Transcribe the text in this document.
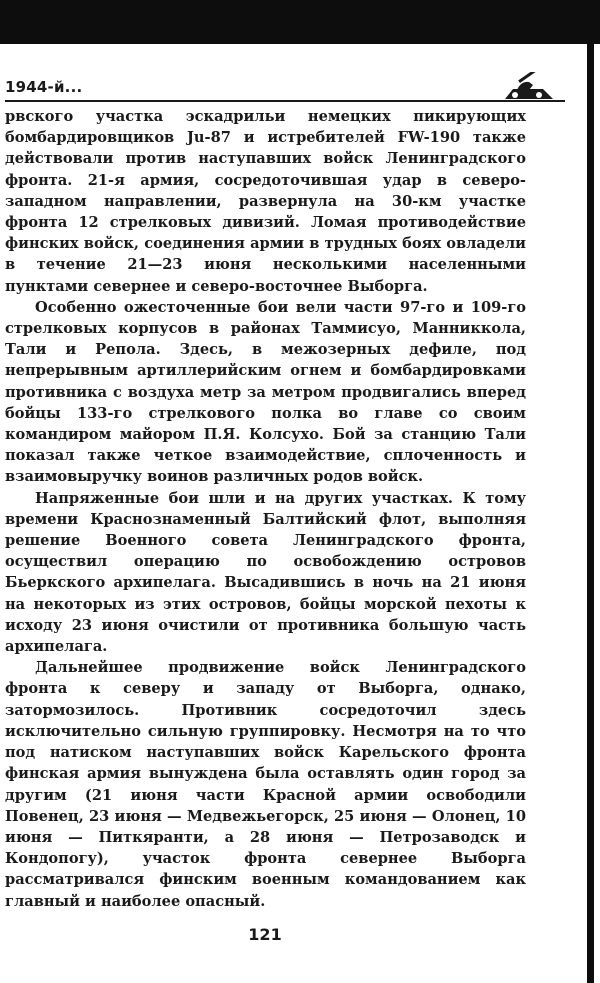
1944-й...

рвского участка эскадрильи немецких пикирующих бомбардировщиков Ju-87 и истребителей FW-190 также действовали против наступавших войск Ленинградского фронта. 21-я армия, сосредоточившая удар в северо-западном направлении, развернула на 30-км участке фронта 12 стрелковых дивизий. Ломая противодействие финских войск, соединения армии в трудных боях овладели в течение 21—23 июня несколькими населенными пунктами севернее и северо-восточнее Выборга.

Особенно ожесточенные бои вели части 97-го и 109-го стрелковых корпусов в районах Таммисуо, Манниккола, Тали и Репола. Здесь, в межозерных дефиле, под непрерывным артиллерийским огнем и бомбардировками противника с воздуха метр за метром продвигались вперед бойцы 133-го стрелкового полка во главе со своим командиром майором П.Я. Колсухо. Бой за станцию Тали показал также четкое взаимодействие, сплоченность и взаимовыручку воинов различных родов войск.

Напряженные бои шли и на других участках. К тому времени Краснознаменный Балтийский флот, выполняя решение Военного совета Ленинградского фронта, осуществил операцию по освобождению островов Бьеркского архипелага. Высадившись в ночь на 21 июня на некоторых из этих островов, бойцы морской пехоты к исходу 23 июня очистили от противника большую часть архипелага.

Дальнейшее продвижение войск Ленинградского фронта к северу и западу от Выборга, однако, затормозилось. Противник сосредоточил здесь исключительно сильную группировку. Несмотря на то что под натиском наступавших войск Карельского фронта финская армия вынуждена была оставлять один город за другим (21 июня части Красной армии освободили Повенец, 23 июня — Медвежьегорск, 25 июня — Олонец, 10 июня — Питкяранти, а 28 июня — Петрозаводск и Кондопогу), участок фронта севернее Выборга рассматривался финским военным командованием как главный и наиболее опасный.

121
